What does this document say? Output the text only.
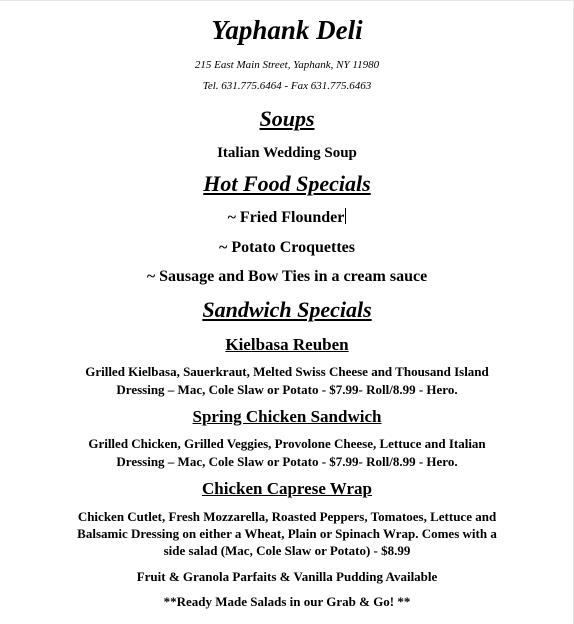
Yaphank Deli
215 East Main Street, Yaphank, NY 11980
Tel. 631.775.6464 - Fax 631.775.6463
Soups
Italian Wedding Soup
Hot Food Specials
~ Fried Flounder
~ Potato Croquettes
~ Sausage and Bow Ties in a cream sauce
Sandwich Specials
Kielbasa Reuben
Grilled Kielbasa, Sauerkraut, Melted Swiss Cheese and Thousand Island
Dressing – Mac, Cole Slaw or Potato - $7.99- Roll/8.99 - Hero.
Spring Chicken Sandwich
Grilled Chicken, Grilled Veggies, Provolone Cheese, Lettuce and Italian
Dressing – Mac, Cole Slaw or Potato - $7.99- Roll/8.99 - Hero.
Chicken Caprese Wrap
Chicken Cutlet, Fresh Mozzarella, Roasted Peppers, Tomatoes, Lettuce and
Balsamic Dressing on either a Wheat, Plain or Spinach Wrap. Comes with a
side salad (Mac, Cole Slaw or Potato) - $8.99
Fruit & Granola Parfaits & Vanilla Pudding Available
**Ready Made Salads in our Grab & Go! **
